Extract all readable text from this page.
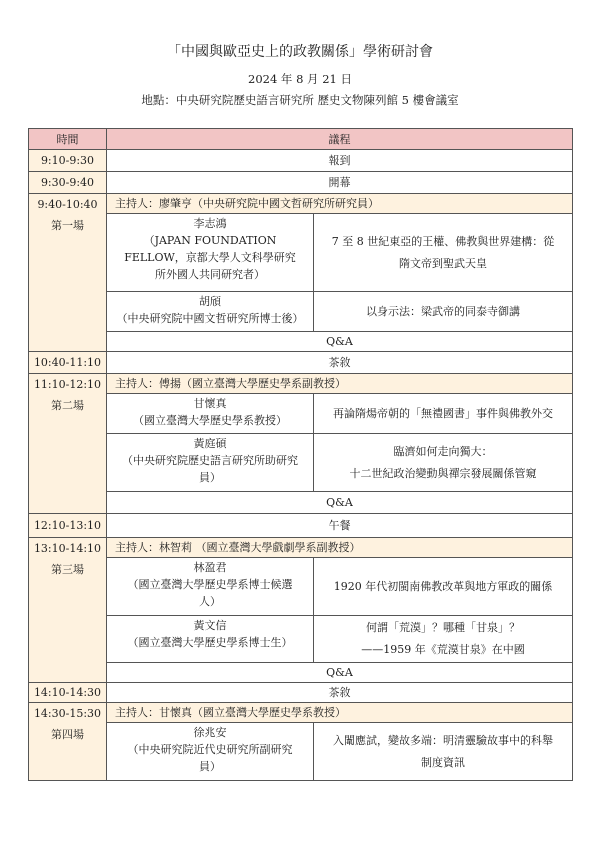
「中國與歐亞史上的政教關係」學術研討會
2024 年 8 月 21 日
地點：中央研究院歷史語言研究所 歷史文物陳列館 5 樓會議室
時間	議程	
9:10-9:30	報到	
9:30-9:40	開幕	

9:40-10:40
第一場	主持人：廖肇亨（中央研究院中國文哲研究所研究員）	
	李志鴻
（JAPAN FOUNDATION
FELLOW，京都大學人文科學研究
所外國人共同研究者）	7 至 8 世紀東亞的王權、佛教與世界建構：從
隋文帝到聖武天皇
	胡頎
（中央研究院中國文哲研究所博士後）	以身示法：梁武帝的同泰寺御講
	Q&A	
10:40-11:10	茶敘	

11:10-12:10
第二場	主持人：傅揚（國立臺灣大學歷史學系副教授）	
	甘懷真
（國立臺灣大學歷史學系教授）	再論隋煬帝朝的「無禮國書」事件與佛教外交
	黃庭碩
（中央研究院歷史語言研究所助研究
員）	臨濟如何走向獨大：
十二世紀政治變動與禪宗發展關係管窺
	Q&A	
12:10-13:10	午餐	

13:10-14:10
第三場	主持人：林智莉 （國立臺灣大學戲劇學系副教授）	
	林盈君
（國立臺灣大學歷史學系博士候選
人）	1920 年代初閩南佛教改革與地方軍政的關係
	黃文信
（國立臺灣大學歷史學系博士生）	何謂「荒漠」？哪種「甘泉」？
——1959 年《荒漠甘泉》在中國
	Q&A	
14:10-14:30	茶敘	

14:30-15:30
第四場	主持人：甘懷真（國立臺灣大學歷史學系教授）	
	徐兆安
（中央研究院近代史研究所副研究
員）	入闈應試，變故多端：明清靈驗故事中的科舉
制度資訊
